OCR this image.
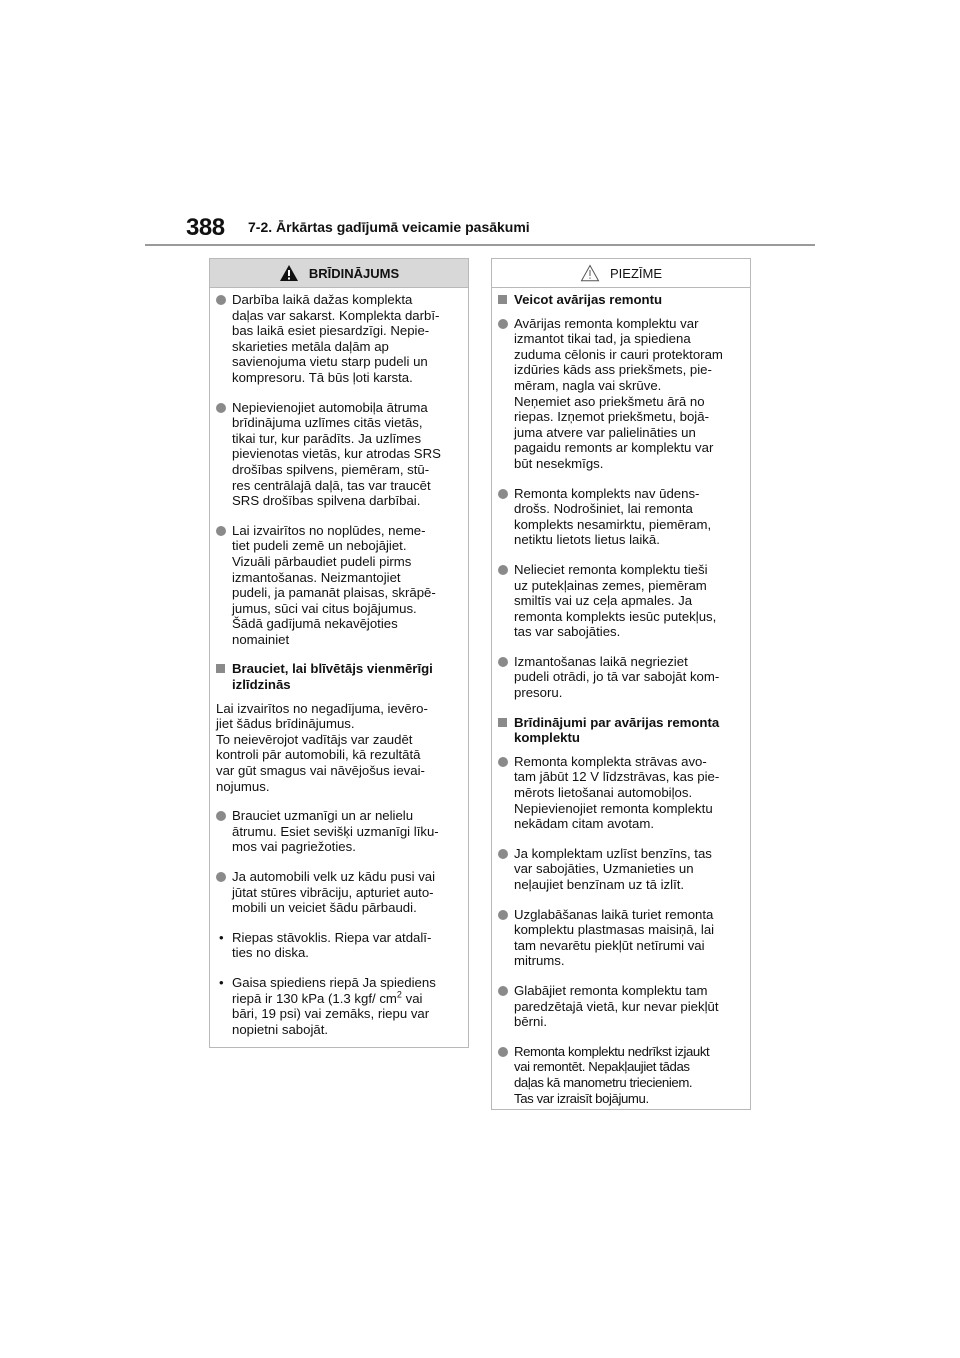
388 7-2. Ārkārtas gadījumā veicamie pasākumi
BRĪDINĀJUMS
Darbība laikā dažas komplekta
daļas var sakarst. Komplekta darbī-
bas laikā esiet piesardzīgi. Nepie-
skarieties metāla daļām ap
savienojuma vietu starp pudeli un
kompresoru. Tā būs ļoti karsta.
Nepievienojiet automobiļa ātruma
brīdinājuma uzlīmes citās vietās,
tikai tur, kur parādīts. Ja uzlīmes
pievienotas vietās, kur atrodas SRS
drošības spilvens, piemēram, stū-
res centrālajā daļā, tas var traucēt
SRS drošības spilvena darbībai.
Lai izvairītos no noplūdes, neme-
tiet pudeli zemē un nebojājiet.
Vizuāli pārbaudiet pudeli pirms
izmantošanas. Neizmantojiet
pudeli, ja pamanāt plaisas, skrāpē-
jumus, sūci vai citus bojājumus.
Šādā gadījumā nekavējoties
nomainiet
Brauciet, lai blīvētājs vienmērīgi
izlīdzinās
Lai izvairītos no negadījuma, ievēro-
jiet šādus brīdinājumus.
To neievērojot vadītājs var zaudēt
kontroli pār automobili, kā rezultātā
var gūt smagus vai nāvējošus ievai-
nojumus.
Brauciet uzmanīgi un ar nelielu
ātrumu. Esiet sevišķi uzmanīgi līku-
mos vai pagriežoties.
Ja automobili velk uz kādu pusi vai
jūtat stūres vibrāciju, apturiet auto-
mobili un veiciet šādu pārbaudi.
• Riepas stāvoklis. Riepa var atdalī-
ties no diska.
• Gaisa spiediens riepā Ja spiediens
riepā ir 130 kPa (1.3 kgf/ $cm^2$ vai
bāri, 19 psi) vai zemāks, riepu var
nopietni sabojāt.
PIEZĪME
Veicot avārijas remontu
Avārijas remonta komplektu var
izmantot tikai tad, ja spiediena
zuduma cēlonis ir cauri protektoram
izdūries kāds ass priekšmets, pie-
mēram, nagla vai skrūve.
Neņemiet aso priekšmetu ārā no
riepas. Izņemot priekšmetu, bojā-
juma atvere var palielināties un
pagaidu remonts ar komplektu var
būt nesekmīgs.
Remonta komplekts nav ūdens-
drošs. Nodrošiniet, lai remonta
komplekts nesamirktu, piemēram,
netiktu lietots lietus laikā.
Nelieciet remonta komplektu tieši
uz putekļainas zemes, piemēram
smiltīs vai uz ceļa apmales. Ja
remonta komplekts iesūc putekļus,
tas var sabojāties.
Izmantošanas laikā negrieziet
pudeli otrādi, jo tā var sabojāt kom-
presoru.
Brīdinājumi par avārijas remonta
komplektu
Remonta komplekta strāvas avo-
tam jābūt 12 V līdzstrāvas, kas pie-
mērots lietošanai automobiļos.
Nepievienojiet remonta komplektu
nekādam citam avotam.
Ja komplektam uzlīst benzīns, tas
var sabojāties, Uzmanieties un
neļaujiet benzīnam uz tā izlīt.
Uzglabāšanas laikā turiet remonta
komplektu plastmasas maisiņā, lai
tam nevarētu piekļūt netīrumi vai
mitrums.
Glabājiet remonta komplektu tam
paredzētajā vietā, kur nevar piekļūt
bērni.
Remonta komplektu nedrīkst izjaukt
vai remontēt. Nepakļaujiet tādas
daļas kā manometru triecieniem.
Tas var izraisīt bojājumu.
